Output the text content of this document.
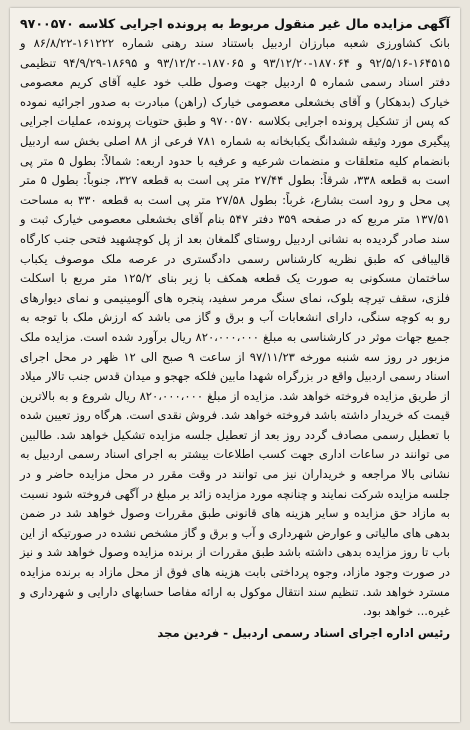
آگهی مزایده مال غیر منقول مربوط به پرونده اجرایی کلاسه ۹۷۰۰۵۷۰

بانک کشاورزی شعبه مبارزان اردبیل باستناد سند رهنی شماره ۱۶۱۲۲۲-۸۶/۸/۲۲ و ۱۶۴۵۱۵-۹۲/۵/۱۶ و ۱۸۷۰۶۴-۹۳/۱۲/۲۰ و ۱۸۷۰۶۵-۹۳/۱۲/۲۰ و ۱۸۶۹۵-۹۴/۹/۲۹ تنظیمی دفتر اسناد رسمی شماره ۵ اردبیل جهت وصول طلب خود علیه آقای کریم معصومی خیارک (بدهکار) و آقای بخشعلی معصومی خیارک (راهن) مبادرت به صدور اجرائیه نموده که پس از تشکیل پرونده اجرایی بکلاسه ۹۷۰۰۵۷۰ و طبق حتویات پرونده، عملیات اجرایی پیگیری مورد وثیقه ششدانگ یکبابخانه به شماره ۷۸۱ فرعی از ۸۸ اصلی بخش سه اردبیل بانضمام کلیه متعلقات و منضمات شرعیه و عرفیه با حدود اربعه: شمالاً: بطول ۵ متر پی است به قطعه ۳۳۸، شرقاً: بطول ۲۷/۴۴ متر پی است به قطعه ۳۲۷، جنوباً: بطول ۵ متر پی محل و رود است بشارع، غرباً: بطول ۲۷/۵۸ متر پی است به قطعه ۳۳۰ به مساحت ۱۳۷/۵۱ متر مربع که در صفحه ۳۵۹ دفتر ۵۴۷ بنام آقای بخشعلی معصومی خیارک ثبت و سند صادر گردیده به نشانی اردبیل روستای گلمغان بعد از پل کوچشهید فتحی جنب کارگاه قالیبافی که طبق نظریه کارشناس رسمی دادگستری در عرصه ملک موصوف یکباب ساختمان مسکونی به صورت یک قطعه همکف با زیر بنای ۱۲۵/۲ متر مربع با اسکلت فلزی، سقف تیرچه بلوک، نمای سنگ مرمر سفید، پنجره های آلومینیمی و نمای دیوارهای رو به کوچه سنگی، دارای انشعابات آب و برق و گاز می باشد که ارزش ملک با توجه به جمیع جهات موثر در کارشناسی به مبلغ ۸۲۰،۰۰۰،۰۰۰ ریال برآورد شده است. مزایده ملک مزبور در روز سه شنبه مورخه ۹۷/۱۱/۲۳ از ساعت ۹ صبح الی ۱۲ ظهر در محل اجرای اسناد رسمی اردبیل واقع در بزرگراه شهدا مابین فلکه جهجو و میدان قدس جنب تالار میلاد از طریق مزایده فروخته خواهد شد. مزایده از مبلغ ۸۲۰،۰۰۰،۰۰۰ ریال شروع و به بالاترین قیمت که خریدار داشته باشد فروخته خواهد شد. فروش نقدی است. هرگاه روز تعیین شده با تعطیل رسمی مصادف گردد روز بعد از تعطیل جلسه مزایده تشکیل خواهد شد. طالبین می توانند در ساعات اداری جهت کسب اطلاعات بیشتر به اجرای اسناد رسمی اردبیل به نشانی بالا مراجعه و خریداران نیز می توانند در وقت مقرر در محل مزایده حاضر و در جلسه مزایده شرکت نمایند و چنانچه مورد مزایده زائد بر مبلغ در آگهی فروخته شود نسبت به مازاد حق مزایده و سایر هزینه های قانونی طبق مقررات وصول خواهد شد در ضمن بدهی های مالیاتی و عوارض شهرداری و آب و برق و گاز مشخص نشده در صورتیکه از این باب تا روز مزایده بدهی داشته باشد طبق مقررات از برنده مزایده وصول خواهد شد و نیز در صورت وجود مازاد، وجوه پرداختی بابت هزینه های فوق از محل مازاد به برنده مزایده مسترد خواهد شد. تنظیم سند انتقال موکول به ارائه مفاصا حسابهای دارایی و شهرداری و غیره... خواهد بود.

رئیس اداره اجرای اسناد رسمی اردبیل - فردین مجد
